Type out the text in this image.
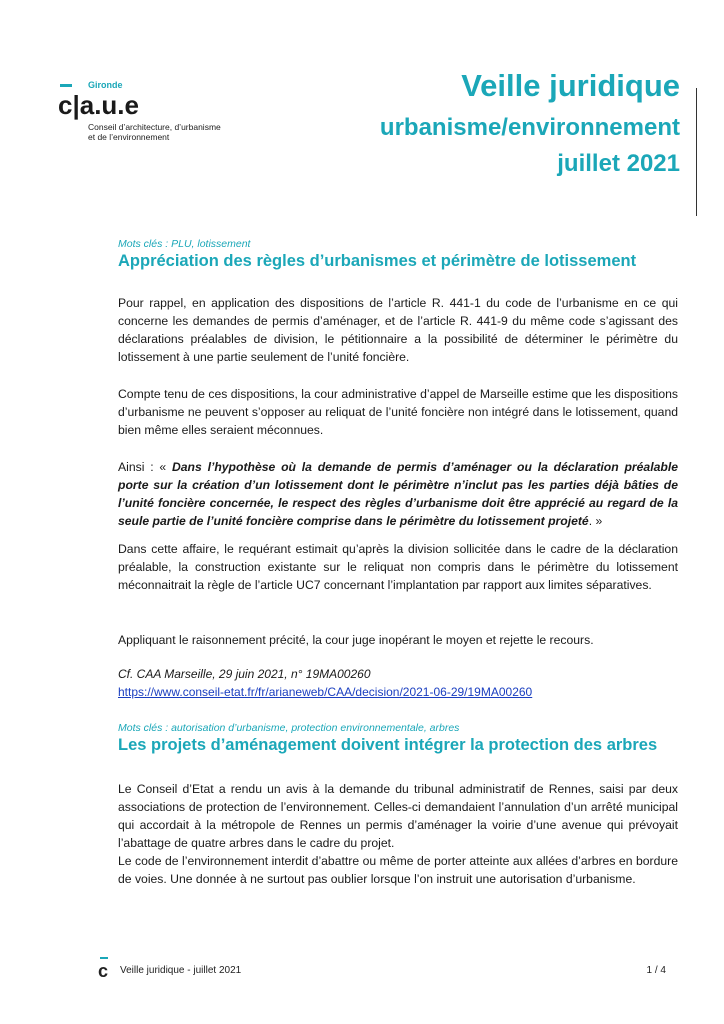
Gironde
c|a.u.e
Conseil d’architecture, d’urbanisme
et de l’environnement
Veille juridique
urbanisme/environnement
juillet 2021

Mots clés : PLU, lotissement

Appréciation des règles d’urbanismes et périmètre de lotissement

Pour rappel, en application des dispositions de l’article R. 441-1 du code de l’urbanisme en ce qui concerne les demandes de permis d’aménager, et de l’article R. 441-9 du même code s’agissant des déclarations préalables de division, le pétitionnaire a la possibilité de déterminer le périmètre du lotissement à une partie seulement de l’unité foncière.

Compte tenu de ces dispositions, la cour administrative d’appel de Marseille estime que les dispositions d’urbanisme ne peuvent s’opposer au reliquat de l’unité foncière non intégré dans le lotissement, quand bien même elles seraient méconnues.

Ainsi : « Dans l’hypothèse où la demande de permis d’aménager ou la déclaration préalable porte sur la création d’un lotissement dont le périmètre n’inclut pas les parties déjà bâties de l’unité foncière concernée, le respect des règles d’urbanisme doit être apprécié au regard de la seule partie de l’unité foncière comprise dans le périmètre du lotissement projeté. »

Dans cette affaire, le requérant estimait qu’après la division sollicitée dans le cadre de la déclaration préalable, la construction existante sur le reliquat non compris dans le périmètre du lotissement méconnaitrait la règle de l’article UC7 concernant l’implantation par rapport aux limites séparatives.

Appliquant le raisonnement précité, la cour juge inopérant le moyen et rejette le recours.

Cf. CAA Marseille, 29 juin 2021, n° 19MA00260

https://www.conseil-etat.fr/fr/arianeweb/CAA/decision/2021-06-29/19MA00260

Mots clés : autorisation d’urbanisme, protection environnementale, arbres

Les projets d’aménagement doivent intégrer la protection des arbres

Le Conseil d’Etat a rendu un avis à la demande du tribunal administratif de Rennes, saisi par deux associations de protection de l’environnement. Celles-ci demandaient l’annulation d’un arrêté municipal qui accordait à la métropole de Rennes un permis d’aménager la voirie d’une avenue qui prévoyait l’abattage de quatre arbres dans le cadre du projet.

Le code de l’environnement interdit d’abattre ou même de porter atteinte aux allées d’arbres en bordure de voies. Une donnée à ne surtout pas oublier lorsque l’on instruit une autorisation d’urbanisme.

c Veille juridique - juillet 2021	1 / 4
